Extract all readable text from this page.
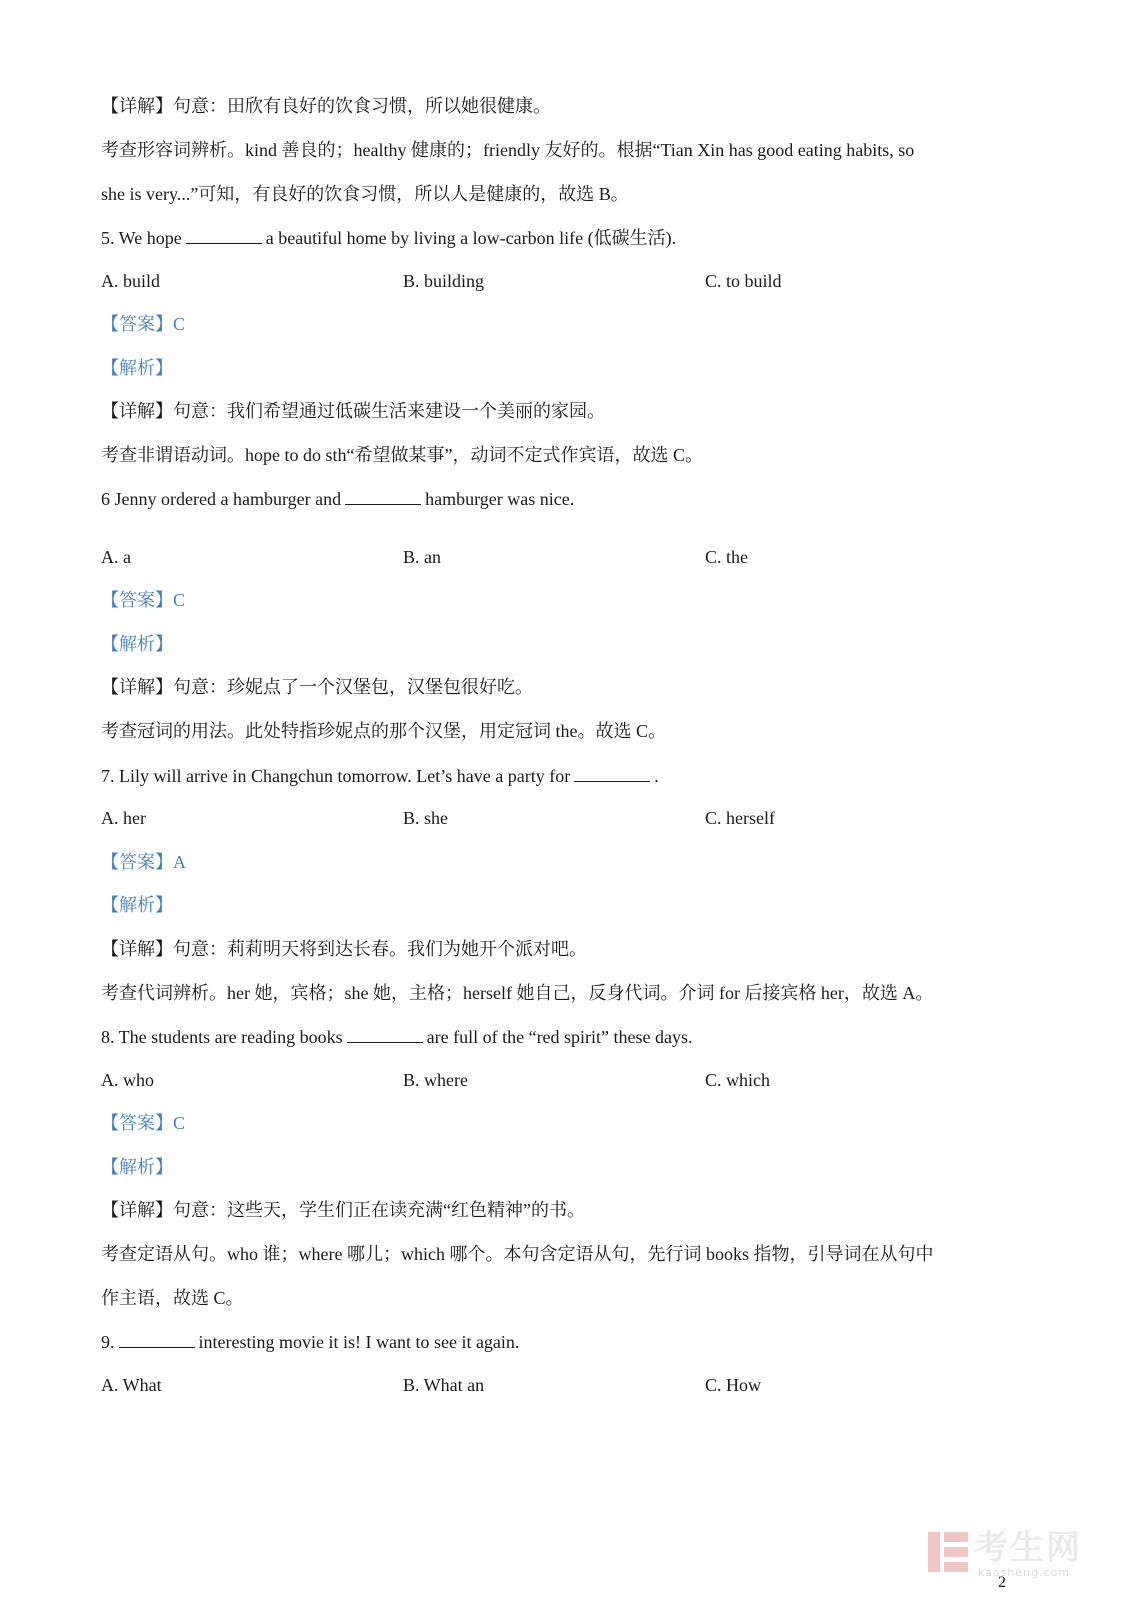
【详解】句意：田欣有良好的饮食习惯，所以她很健康。
考查形容词辨析。kind 善良的；healthy 健康的；friendly 友好的。根据“Tian Xin has good eating habits, so
she is very...”可知，有良好的饮食习惯，所以人是健康的，故选 B。
5. We hope	a beautiful home by living a low-carbon life (低碳生活).
A. build	B. building	C. to build
【答案】C
【解析】
【详解】句意：我们希望通过低碳生活来建设一个美丽的家园。
考查非谓语动词。hope to do sth“希望做某事”，动词不定式作宾语，故选 C。
6 Jenny ordered a hamburger and	hamburger was nice.
A. a	B. an	C. the
【答案】C
【解析】
【详解】句意：珍妮点了一个汉堡包，汉堡包很好吃。
考查冠词的用法。此处特指珍妮点的那个汉堡，用定冠词 the。故选 C。
7. Lily will arrive in Changchun tomorrow. Let’s have a party for	.
A. her	B. she	C. herself
【答案】A
【解析】
【详解】句意：莉莉明天将到达长春。我们为她开个派对吧。
考查代词辨析。her 她，宾格；she 她，主格；herself 她自己，反身代词。介词 for 后接宾格 her，故选 A。
8. The students are reading books	are full of the “red spirit” these days.
A. who	B. where	C. which
【答案】C
【解析】
【详解】句意：这些天，学生们正在读充满“红色精神”的书。
考查定语从句。who 谁；where 哪儿；which 哪个。本句含定语从句，先行词 books 指物，引导词在从句中
作主语，故选 C。
9.	interesting movie it is! I want to see it again.
A. What	B. What an	C. How
考生网
kaosheng.com
2
